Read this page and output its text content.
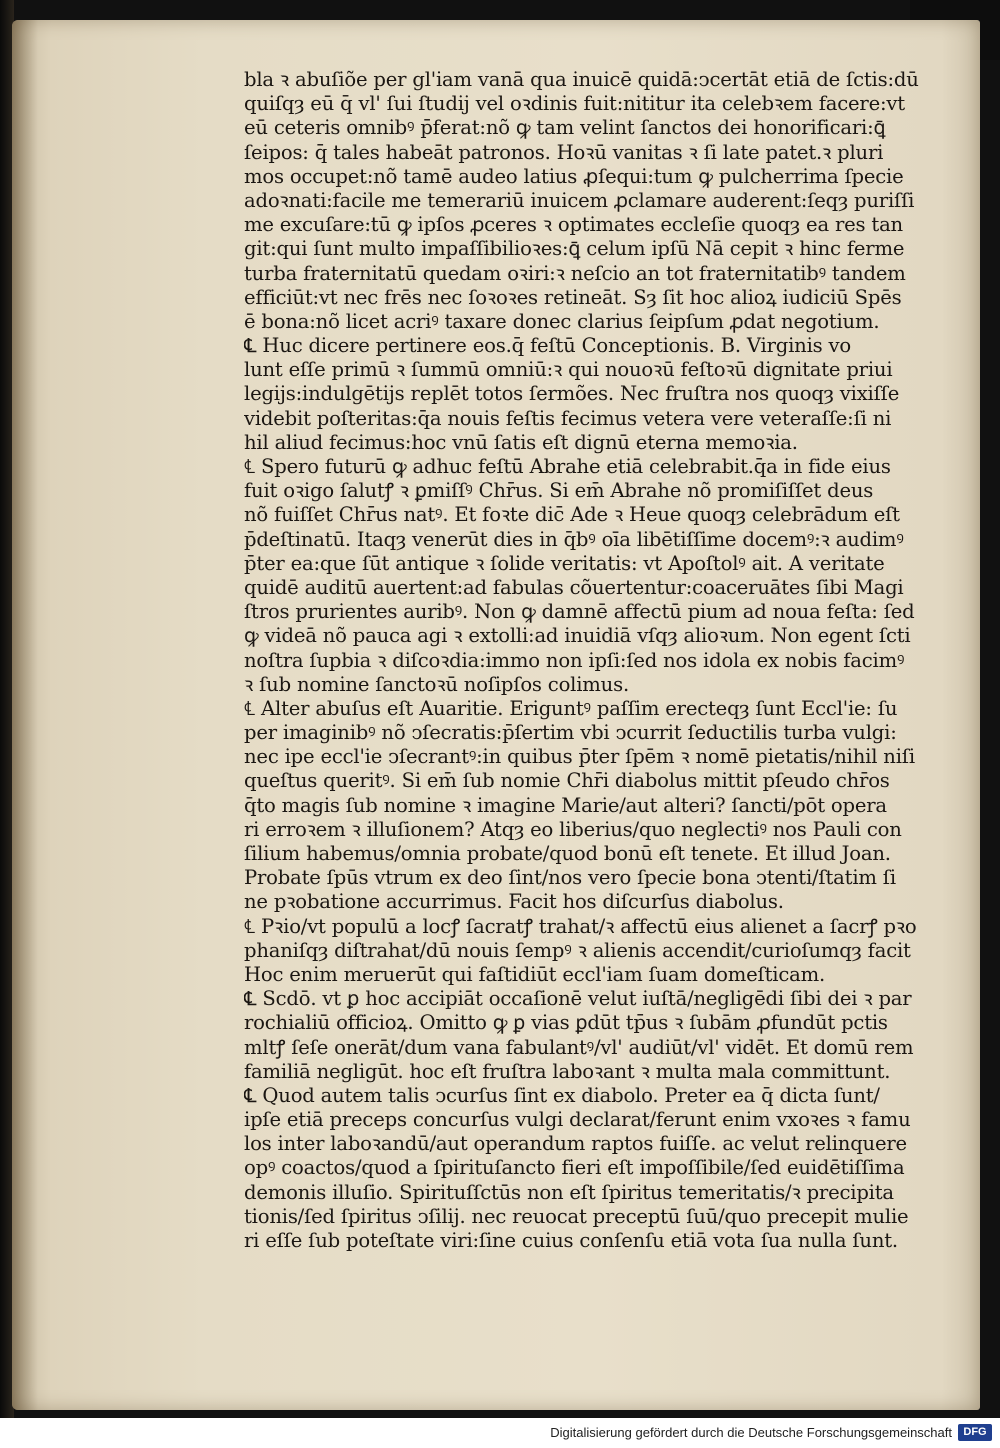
bla ꝛ abuſiõe per gl'iam vanā qua inuicē quidā:ↄcertāt etiā de ſctis:dū
quiſqȝ eū q̄ vl' ſui ſtudij vel oꝛdinis fuit:nititur ita celebꝛem facere:vt
eū ceteris omnibꝰ p̄ferat:nõ ꝙ tam velint ſanctos dei honorificari:ꝗ̄
ſeipos: q̄ tales habeāt patronos. Hoꝛū vanitas ꝛ ſi late patet.ꝛ pluri
mos occupet:nõ tamē audeo latius ꝓſequi:tum ꝙ pulcherrima ſpecie
adoꝛnati:facile me temerariū inuicem ꝓclamare auderent:ſeqȝ puriſſi
me excuſare:tū ꝙ ipſos ꝓceres ꝛ optimates eccleſie quoqȝ ea res tan
git:qui ſunt multo impaſſibilioꝛes:ꝗ̄ celum ipſū Nā cepit ꝛ hinc ferme
turba fraternitatū quedam oꝛiri:ꝛ neſcio an tot fraternitatibꝰ tandem
efficiūt:vt nec frēs nec ſoꝛoꝛes retineāt. Sȝ ſit hoc alioꝝ iudiciū Spēs
ē bona:nõ licet acriꝰ taxare donec clarius ſeipſum ꝓdat negotium.
℄ Huc dicere pertinere eos.q̄ feſtū Conceptionis. B. Virginis vo
lunt eſſe primū ꝛ ſummū omniū:ꝛ qui nouoꝛū feſtoꝛū dignitate priui
legijs:indulgētijs replēt totos ſermões. Nec fruſtra nos quoqȝ vixiſſe
videbit poſteritas:q̄a nouis feſtis fecimus vetera vere veteraſſe:ſi ni
hil aliud fecimus:hoc vnū ſatis eſt dignū eterna memoꝛia.
℄ Spero futurū ꝙ adhuc feſtū Abrahe etiā celebrabit.q̄a in fide eius
fuit oꝛigo ſalutꝭ ꝛ ꝑmiſſꝰ Chr̄us. Si em̄ Abrahe nõ promiſiſſet deus
nõ fuiſſet Chr̄us natꝰ. Et foꝛte dic̄ Ade ꝛ Heue quoqȝ celebrādum eſt
p̄deſtinatū. Itaqȝ venerūt dies in q̄bꝰ oīa libētiſſime docemꝰ:ꝛ audimꝰ
p̄ter ea:que ſūt antique ꝛ ſolide veritatis: vt Apoſtolꝰ ait. A veritate
quidē auditū auertent:ad fabulas cõuertentur:coaceruātes ſibi Magi
ſtros prurientes auribꝰ. Non ꝙ damnē affectū pium ad noua feſta: ſed
ꝙ videā nõ pauca agi ꝛ extolli:ad inuidiā vſqȝ alioꝛum. Non egent ſcti
noſtra ſupbia ꝛ diſcoꝛdia:immo non ipſi:ſed nos idola ex nobis facimꝰ
ꝛ ſub nomine ſanctoꝛū noſipſos colimus.
℄ Alter abuſus eſt Auaritie. Eriguntꝰ paſſim erecteqȝ ſunt Eccl'ie: ſu
per imaginibꝰ nõ ↄſecratis:p̄ſertim vbi ↄcurrit ſeductilis turba vulgi:
nec ipe eccl'ie ↄſecrantꝰ:in quibus p̄ter ſpēm ꝛ nomē pietatis/nihil niſi
queſtus queritꝰ. Si em̄ ſub nomie Chr̄i diabolus mittit pſeudo chr̄os
q̄to magis ſub nomine ꝛ imagine Marie/aut alteri? ſancti/pōt opera
ri erroꝛem ꝛ illuſionem? Atqȝ eo liberius/quo neglectiꝰ nos Pauli con
ſilium habemus/omnia probate/quod bonū eſt tenete. Et illud Joan.
Probate ſpūs vtrum ex deo ſint/nos vero ſpecie bona ↄtenti/ſtatim ſi
ne pꝛobatione accurrimus. Facit hos diſcurſus diabolus.
℄ Pꝛio/vt populū a locꝭ ſacratꝭ trahat/ꝛ affectū eius alienet a ſacrꝭ pꝛo
phaniſqȝ diſtrahat/dū nouis ſempꝰ ꝛ alienis accendit/curioſumqȝ facit
Hoc enim meruerūt qui faſtidiūt eccl'iam ſuam domeſticam.
℄ Scdō. vt ꝑ hoc accipiāt occaſionē velut iuſtā/negligēdi ſibi dei ꝛ par
rochialiū officioꝝ. Omitto ꝙ ꝑ vias ꝑdūt tp̄us ꝛ ſubām ꝓfundūt pctis
mltꝭ ſeſe onerāt/dum vana fabulantꝰ/vl' audiūt/vl' vidēt. Et domū rem
familiā negligūt. hoc eſt fruſtra laboꝛant ꝛ multa mala committunt.
℄ Quod autem talis ↄcurſus ſint ex diabolo. Preter ea q̄ dicta ſunt/
ipſe etiā preceps concurſus vulgi declarat/ferunt enim vxoꝛes ꝛ famu
los inter laboꝛandū/aut operandum raptos fuiſſe. ac velut relinquere
opꝰ coactos/quod a ſpirituſancto fieri eſt impoſſibile/ſed euidētiſſima
demonis illuſio. Spirituſſctūs non eſt ſpiritus temeritatis/ꝛ precipita
tionis/ſed ſpiritus ↄſilij. nec reuocat preceptū ſuū/quo precepit mulie
ri eſſe ſub poteſtate viri:ſine cuius conſenſu etiā vota ſua nulla ſunt.
Digitalisierung gefördert durch die Deutsche Forschungsgemeinschaft	DFG
